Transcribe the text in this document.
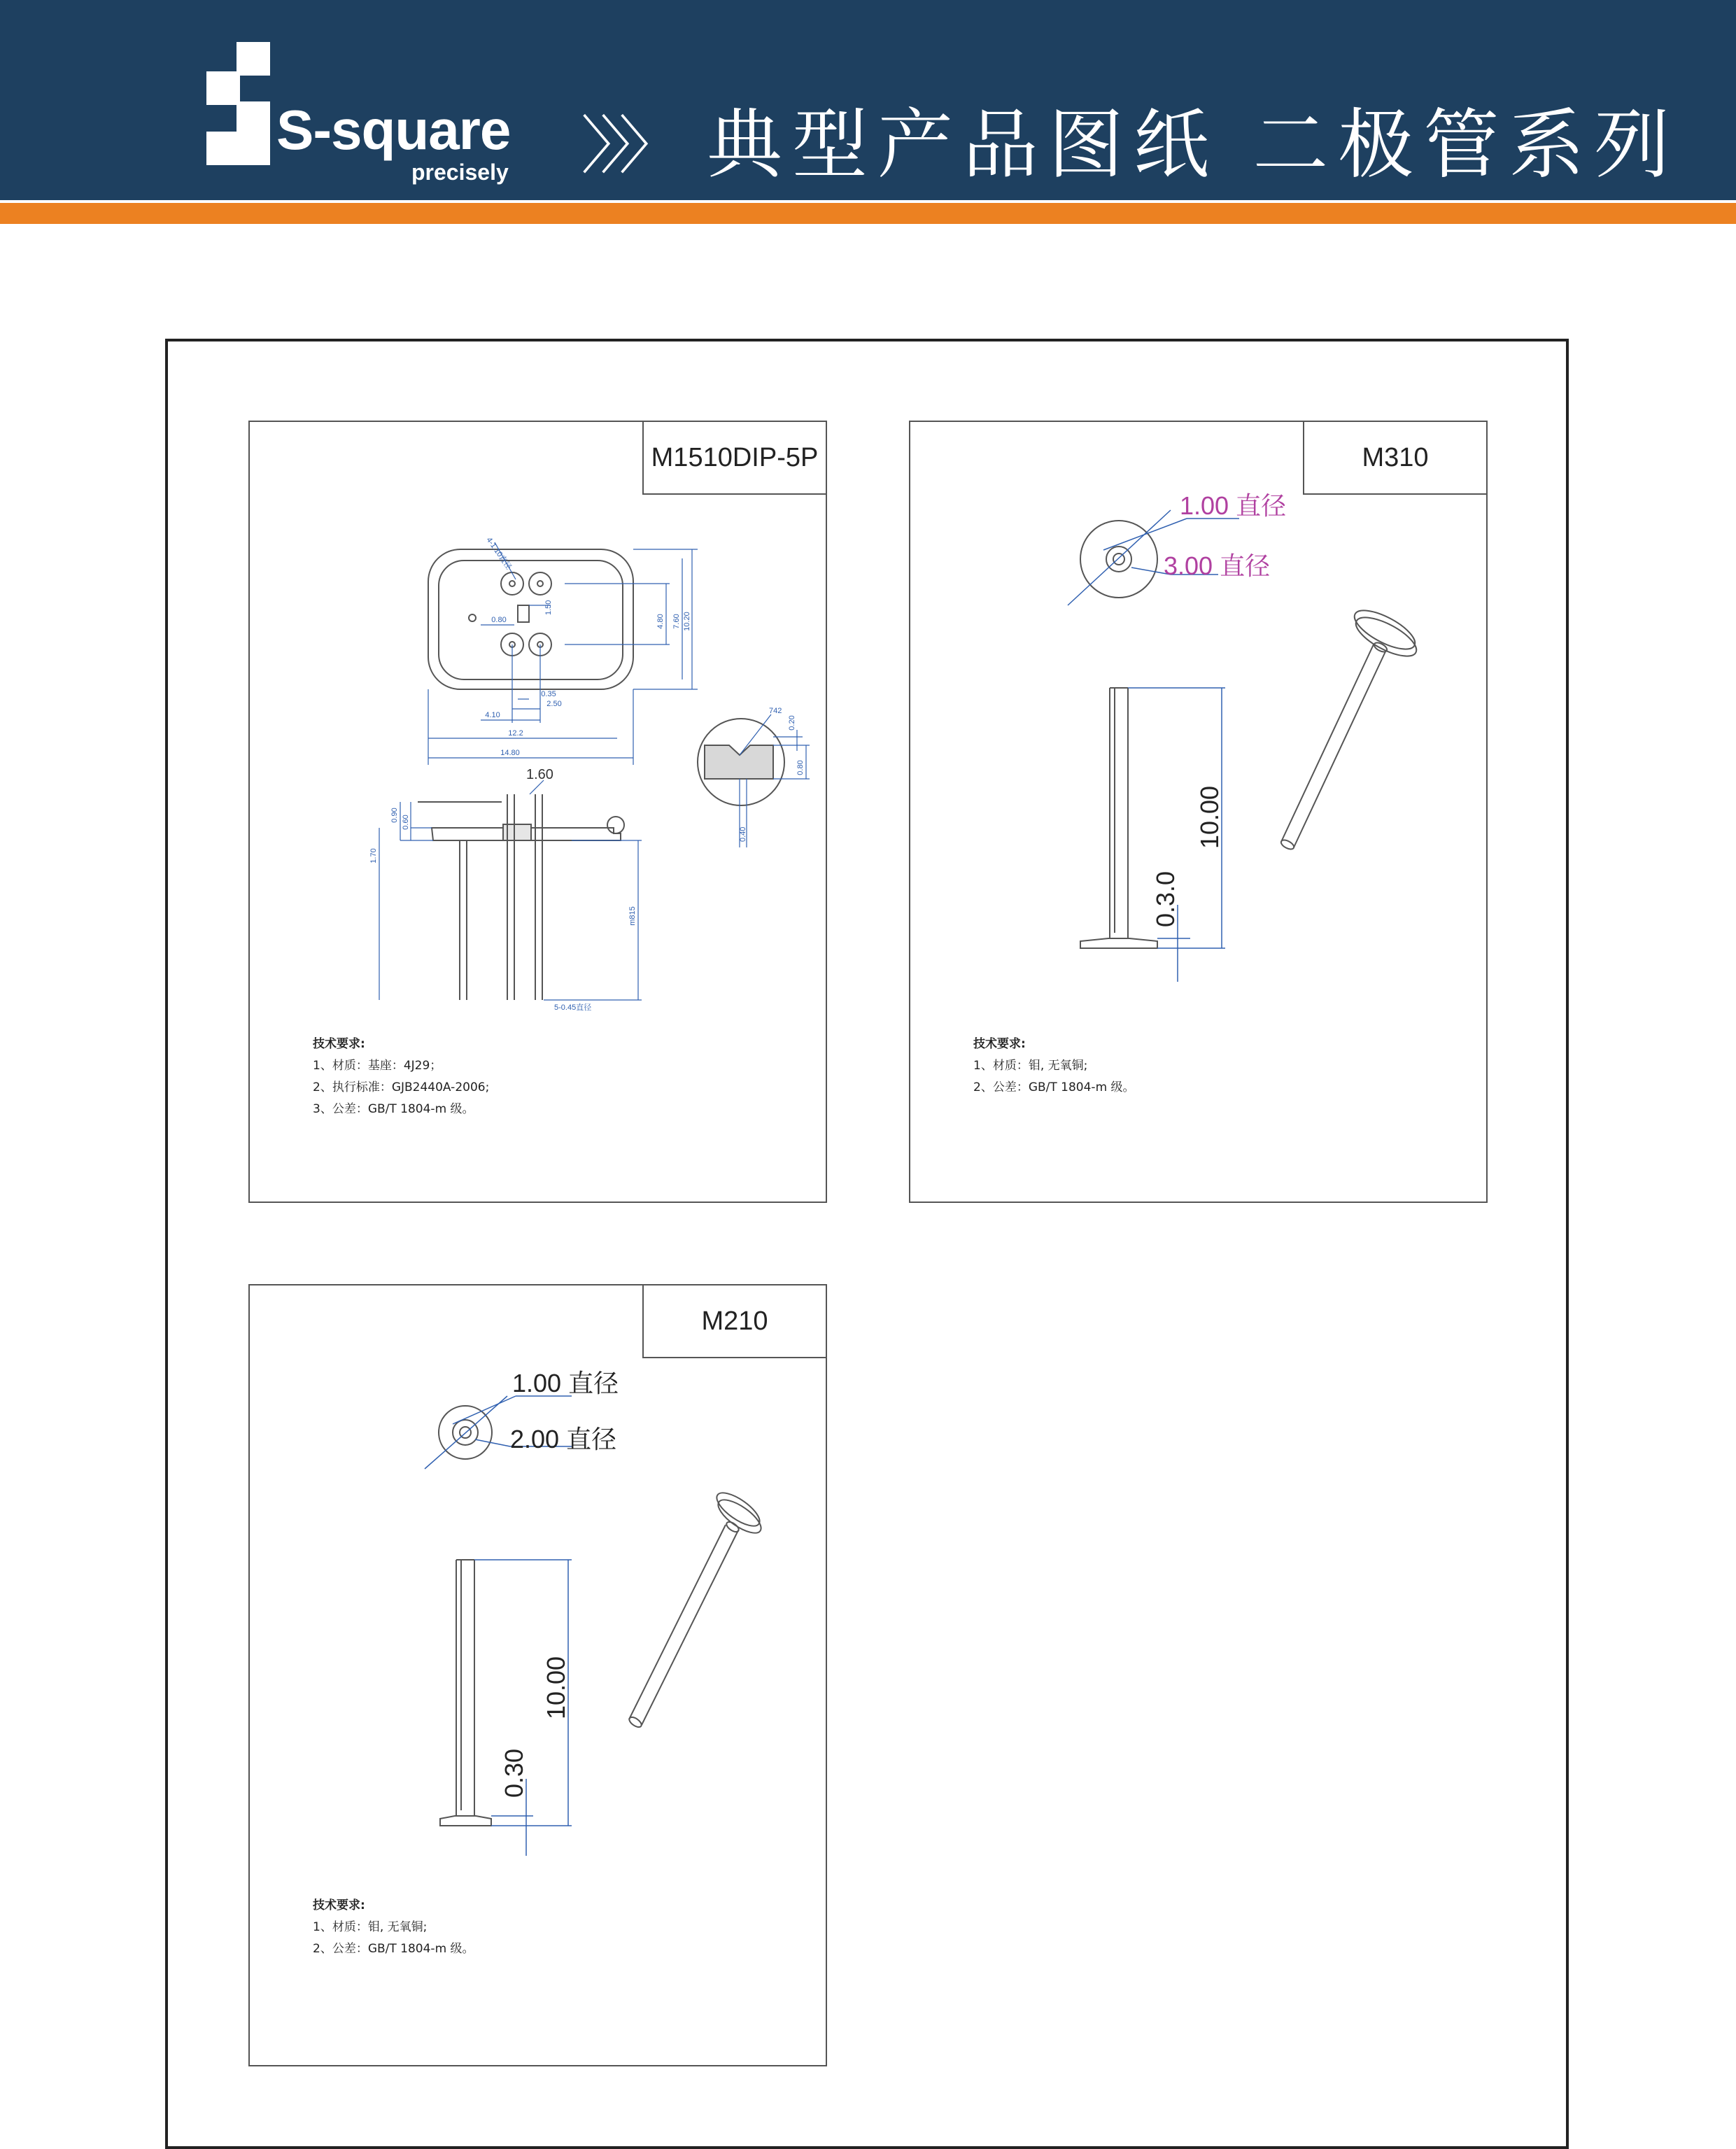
S-square
precisely 〉〉〉 典型产品图纸 二极管系列
14.80
12.2
4.10
2.50
0.35
0.80	4.80 7.60 10.20
4-1.10直径
1.50
0.90 0.60
1.70
m815
5-0.45直径
1.60
742
0.20
0.80
0.40
M1510DIP-5P
技术要求:
1、材质：基座：4J29；
2、执行标准：GJB2440A-2006;
3、公差：GB/T 1804-m 级。
1.00 直径
3.00 直径
10.00
0.3.0
M310
技术要求:
1、材质：钼, 无氧铜;
2、公差：GB/T 1804-m 级。
1.00 直径
2.00 直径
10.00
0.30
M210
技术要求:
1、材质：钼, 无氧铜;
2、公差：GB/T 1804-m 级。
